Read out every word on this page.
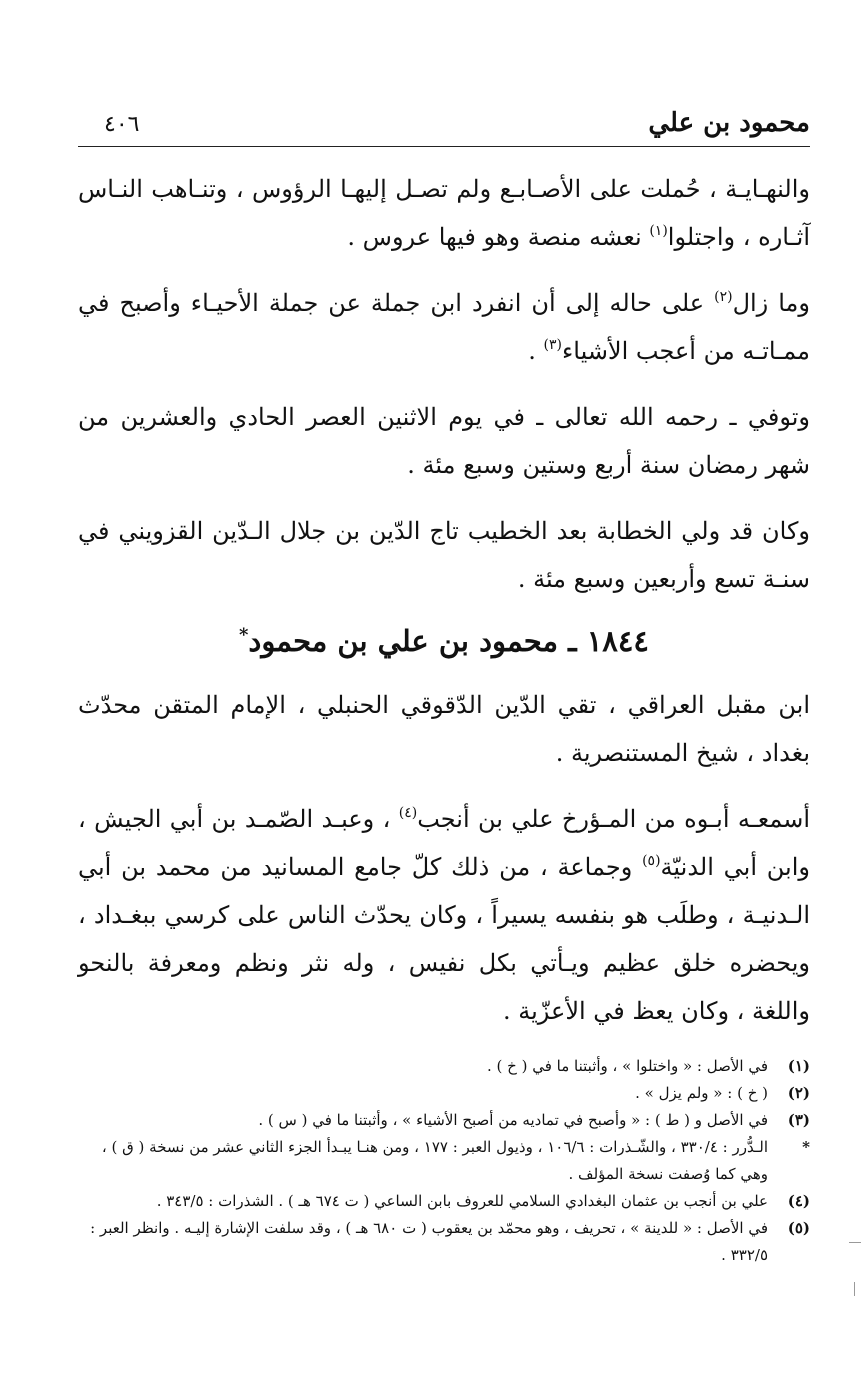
محمود بن علي
٤٠٦

والنهـايـة ، حُملت على الأصـابـع ولم تصـل إليهـا الرؤوس ، وتنـاهب النـاس آثـاره ، واجتلوا$^{(١)}$ نعشه منصة وهو فيها عروس .

وما زال$^{(٢)}$ على حاله إلى أن انفرد ابن جملة عن جملة الأحيـاء وأصبح في ممـاتـه من أعجب الأشياء$^{(٣)}$ .

وتوفي ـ رحمه الله تعالى ـ في يوم الاثنين العصر الحادي والعشرين من شهر رمضان سنة أربع وستين وسبع مئة .

وكان قد ولي الخطابة بعد الخطيب تاج الدّين بن جلال الـدّين القزويني في سنـة تسع وأربعين وسبع مئة .

١٨٤٤ ـ محمود بن علي بن محمود*

ابن مقبل العراقي ، تقي الدّين الدّقوقي الحنبلي ، الإمام المتقن محدّث بغداد ، شيخ المستنصرية .

أسمعـه أبـوه من المـؤرخ علي بن أنجب$^{(٤)}$ ، وعبـد الصّمـد بن أبي الجيش ، وابن أبي الدنيّة$^{(٥)}$ وجماعة ، من ذلك كلّ جامع المسانيد من محمد بن أبي الـدنيـة ، وطلَب هو بنفسه يسيراً ، وكان يحدّث الناس على كرسي ببغـداد ، ويحضره خلق عظيم ويـأتي بكل نفيس ، وله نثر ونظم ومعرفة بالنحو واللغة ، وكان يعظ في الأعزّية .

(١)
في الأصل : « واختلوا » ، وأثبتنا ما في ( خ ) .
(٢)
( خ ) : « ولم يزل » .
(٣)
في الأصل و ( ط ) : « وأصبح في تماديه من أصبح الأشياء » ، وأثبتنا ما في ( س ) .
*
الـدُّرر : ٣٣٠/٤ ، والشّـذرات : ١٠٦/٦ ، وذيول العبر : ١٧٧ ، ومن هنـا يبـدأ الجزء الثاني عشر من نسخة ( ق ) ، وهي كما وُصفت نسخة المؤلف .
(٤)
علي بن أنجب بن عثمان البغدادي السلامي للعروف بابن الساعي ( ت ٦٧٤ هـ ) . الشذرات : ٣٤٣/٥ .
(٥)
في الأصل : « للدينة » ، تحريف ، وهو محمّد بن يعقوب ( ت ٦٨٠ هـ ) ، وقد سلفت الإشارة إليـه . وانظر العبر : ٣٣٢/٥ .
